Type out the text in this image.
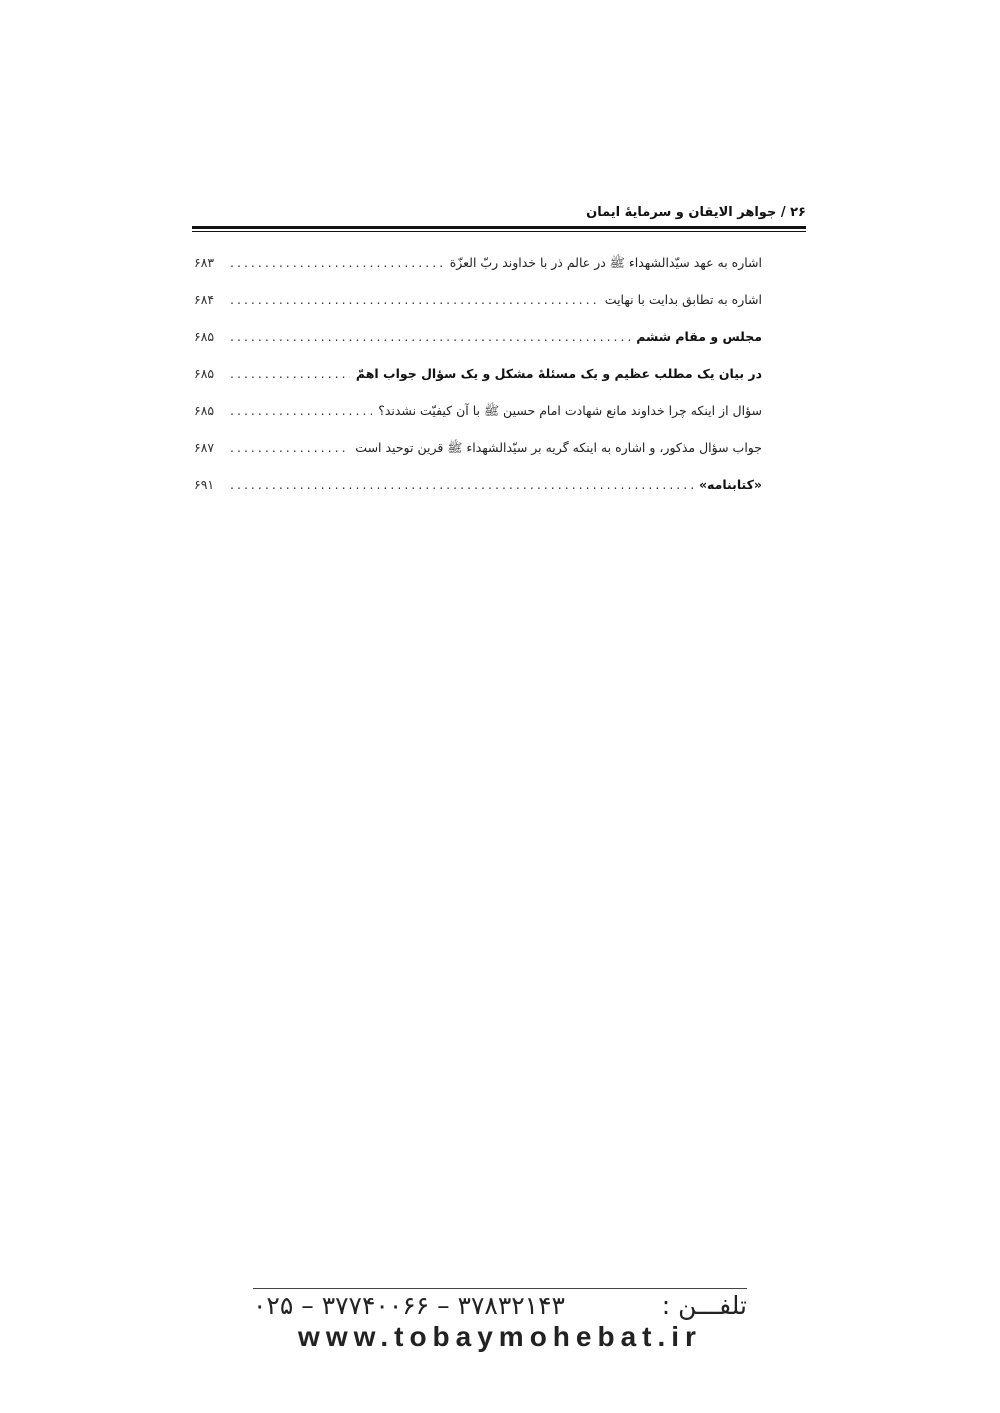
۲۶ / جواهر الایقان و سرمایهٔ ایمان
اشاره به عهد سیّدالشهداء ﷺ در عالم ذر با خداوند ربّ العزّة
.....
۶۸۳
اشاره به تطابق بدایت با نهایت
.....
۶۸۴
مجلس و مقام ششم
.....
۶۸۵
در بیان یک مطلب عظیم و یک مسئلهٔ مشکل و یک سؤال جواب اهمّ
.....
۶۸۵
سؤال از اینکه چرا خداوند مانع شهادت امام حسین ﷺ با آن کیفیّت نشدند؟
.....
۶۸۵
جواب سؤال مذکور، و اشاره به اینکه گریه بر سیّدالشهداء ﷺ قرین توحید است
.....
۶۸۷
«کتابنامه»
.....
۶۹۱
تلفـــن :
۳۷۸۳۲۱۴۳ – ۳۷۷۴۰۰۶۶ – ۰۲۵
www.tobaymohebat.ir
